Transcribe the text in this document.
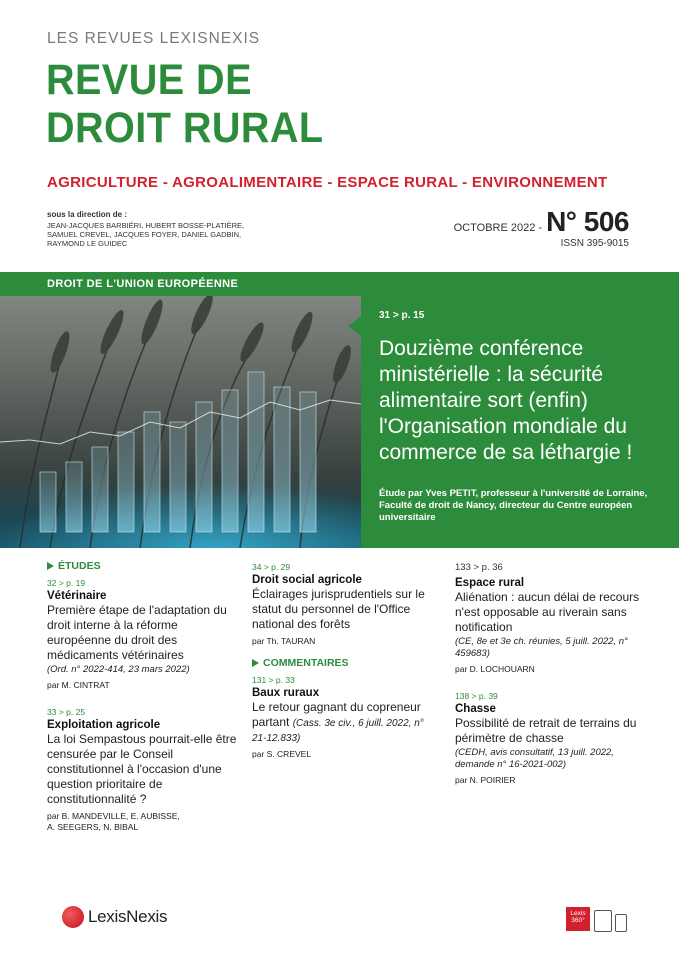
LES REVUES LEXISNEXIS
REVUE DE
DROIT RURAL
AGRICULTURE - AGROALIMENTAIRE - ESPACE RURAL - ENVIRONNEMENT
sous la direction de :
JEAN-JACQUES BARBIÉRI, HUBERT BOSSE-PLATIÈRE,
SAMUEL CREVEL, JACQUES FOYER, DANIEL GADBIN,
RAYMOND LE GUIDEC
OCTOBRE 2022 - N° 506
ISSN 395-9015
DROIT DE L'UNION EUROPÉENNE
31 > p. 15
Douzième conférence ministérielle : la sécurité alimentaire sort (enfin) l'Organisation mondiale du commerce de sa léthargie !
Étude par Yves PETIT, professeur à l'université de Lorraine, Faculté de droit de Nancy, directeur du Centre européen universitaire
ÉTUDES
32 > p. 19
Vétérinaire
Première étape de l'adaptation du droit interne à la réforme européenne du droit des médicaments vétérinaires
(Ord. n° 2022-414, 23 mars 2022)
par M. CINTRAT
33 > p. 25
Exploitation agricole
La loi Sempastous pourrait-elle être censurée par le Conseil constitutionnel à l'occasion d'une question prioritaire de constitutionnalité ?
par B. MANDEVILLE, E. AUBISSE,
A. SEEGERS, N. BIBAL
34 > p. 29
Droit social agricole
Éclairages jurisprudentiels sur le statut du personnel de l'Office national des forêts
par Th. TAURAN
COMMENTAIRES
131 > p. 33
Baux ruraux
Le retour gagnant du copreneur partant (Cass. 3e civ., 6 juill. 2022, n° 21-12.833)
par S. CREVEL
133 > p. 36
Espace rural
Aliénation : aucun délai de recours n'est opposable au riverain sans notification
(CE, 8e et 3e ch. réunies, 5 juill. 2022, n° 459683)
par D. LOCHOUARN
138 > p. 39
Chasse
Possibilité de retrait de terrains du périmètre de chasse
(CEDH, avis consultatif, 13 juill. 2022, demande n° 16-2021-002)
par N. POIRIER
LexisNexis	Lexis
360°
